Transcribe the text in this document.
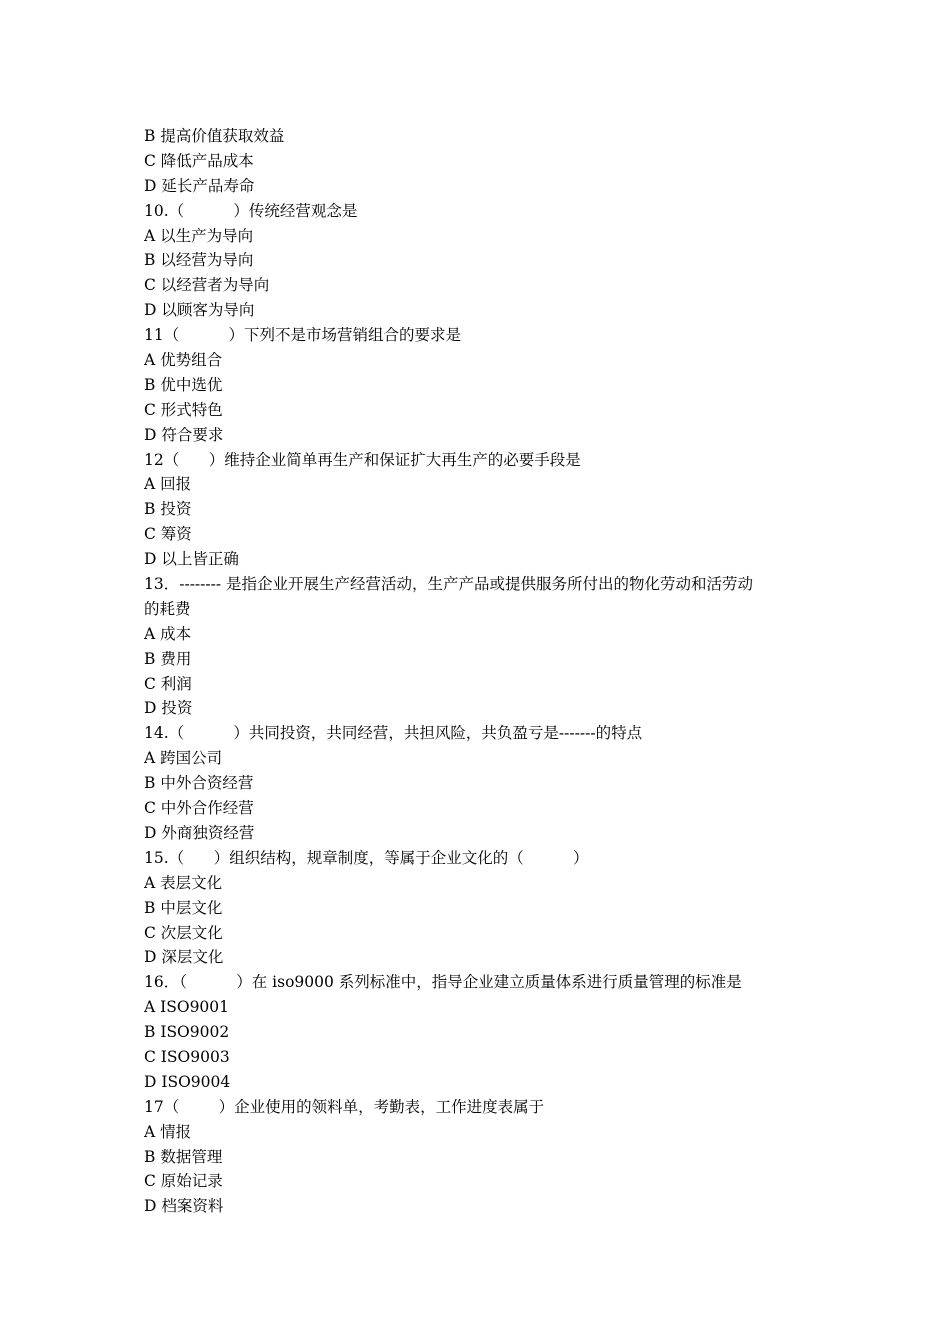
B 提高价值获取效益
C 降低产品成本
D 延长产品寿命
10.（          ）传统经营观念是
A 以生产为导向
B 以经营为导向
C 以经营者为导向
D 以顾客为导向
11（          ）下列不是市场营销组合的要求是
A 优势组合
B 优中选优
C 形式特色
D 符合要求
12（      ）维持企业简单再生产和保证扩大再生产的必要手段是
A 回报
B 投资
C 筹资
D 以上皆正确
13．-------- 是指企业开展生产经营活动，生产产品或提供服务所付出的物化劳动和活劳动
的耗费
A 成本
B 费用
C 利润
D 投资
14.（          ）共同投资，共同经营，共担风险，共负盈亏是-------的特点
A 跨国公司
B 中外合资经营
C 中外合作经营
D 外商独资经营
15.（      ）组织结构，规章制度，等属于企业文化的（          ）
A 表层文化
B 中层文化
C 次层文化
D 深层文化
16．（          ）在 iso9000 系列标准中，指导企业建立质量体系进行质量管理的标准是
A ISO9001
B ISO9002
C ISO9003
D ISO9004
17（        ）企业使用的领料单，考勤表，工作进度表属于
A 情报
B 数据管理
C 原始记录
D 档案资料
